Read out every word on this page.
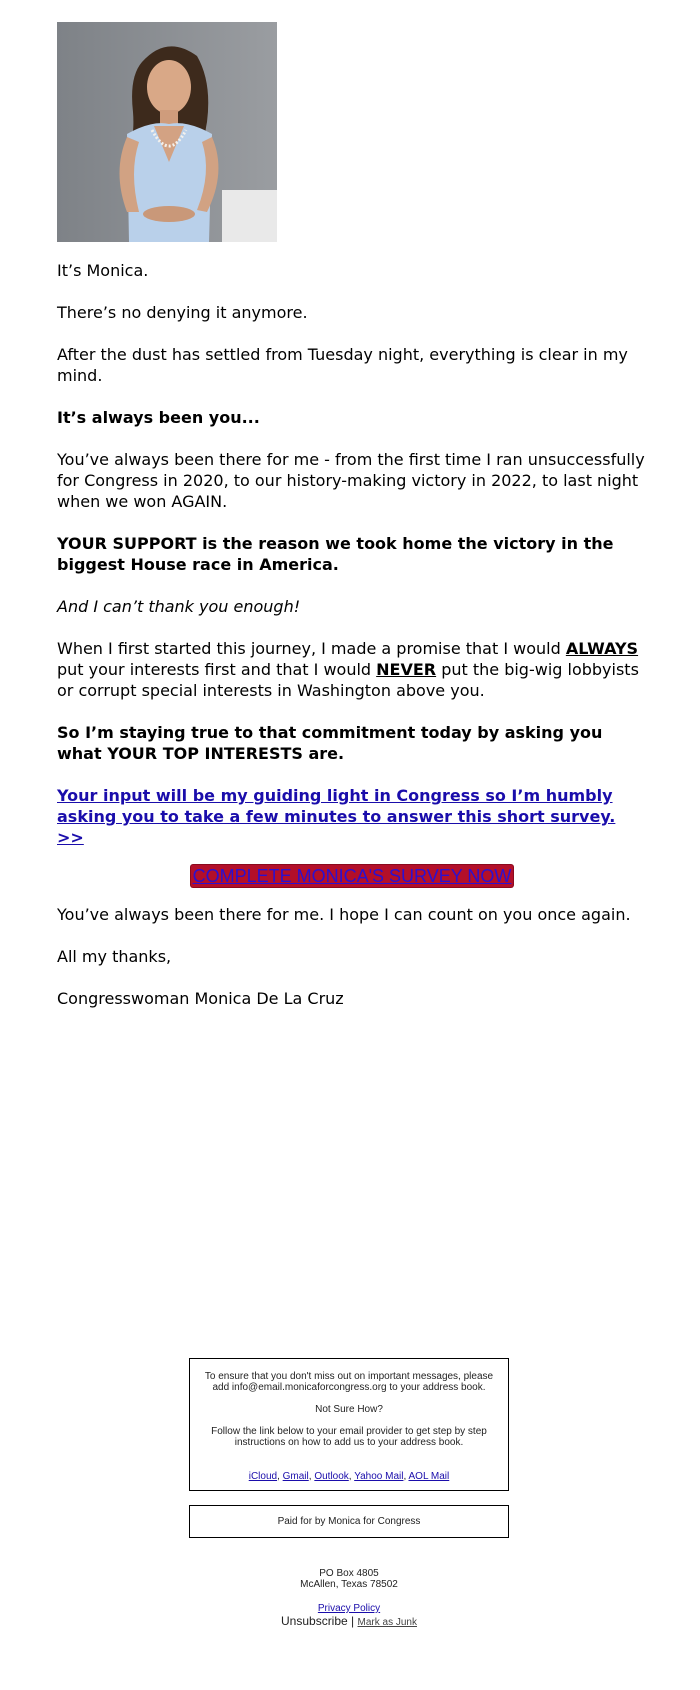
It’s Monica.

There’s no denying it anymore.

After the dust has settled from Tuesday night, everything is clear in my mind.

It’s always been you...

You’ve always been there for me - from the first time I ran unsuccessfully for Congress in 2020, to our history-making victory in 2022, to last night when we won AGAIN.

YOUR SUPPORT is the reason we took home the victory in the biggest House race in America.

And I can’t thank you enough!

When I first started this journey, I made a promise that I would ALWAYS put your interests first and that I would NEVER put the big-wig lobbyists or corrupt special interests in Washington above you.

So I’m staying true to that commitment today by asking you what YOUR TOP INTERESTS are.

Your input will be my guiding light in Congress so I’m humbly asking you to take a few minutes to answer this short survey. >>

COMPLETE MONICA'S SURVEY NOW

You’ve always been there for me. I hope I can count on you once again.

All my thanks,

Congresswoman Monica De La Cruz

To ensure that you don't miss out on important messages, please add info@email.monicaforcongress.org to your address book.

Not Sure How?

Follow the link below to your email provider to get step by step instructions on how to add us to your address book.

iCloud, Gmail, Outlook, Yahoo Mail, AOL Mail

Paid for by Monica for Congress

PO Box 4805

McAllen, Texas 78502

Privacy Policy

Unsubscribe | Mark as Junk
